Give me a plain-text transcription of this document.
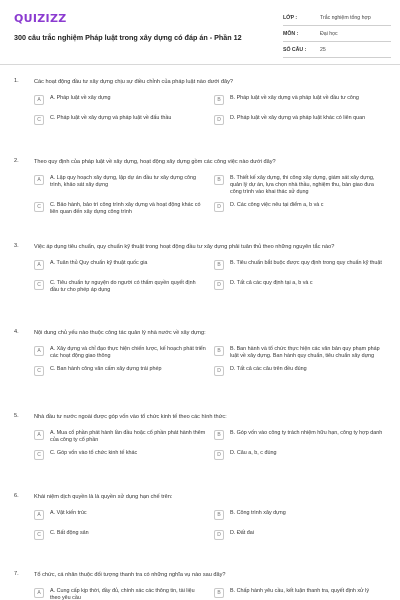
QUIZIZZ
300 câu trắc nghiệm Pháp luật trong xây dựng có đáp án - Phần 12
LỚP :	Trắc nghiệm tổng hợp
MÔN :	Đại học
SỐ CÂU :	25
1.	Các hoạt động đầu tư xây dựng chịu sự điều chỉnh của pháp luật nào dưới đây?
A	A. Pháp luật về xây dựng	B	B. Pháp luật về xây dựng và pháp luật về đầu tư công
C	C. Pháp luật về xây dựng và pháp luật về đấu thầu	D	D. Pháp luật về xây dựng và pháp luật khác có liên quan
2.	Theo quy định của pháp luật về xây dựng, hoạt động xây dựng gồm các công việc nào dưới đây?
A	A. Lập quy hoạch xây dựng, lập dự án đầu tư xây dựng công trình, khảo sát xây dựng
B	B. Thiết kế xây dựng, thi công xây dựng, giám sát xây dựng, quản lý dự án, lựa chọn nhà thầu, nghiệm thu, bàn giao đưa công trình vào khai thác sử dụng
C	C. Bảo hành, bảo trì công trình xây dựng và hoạt động khác có liên quan đến xây dựng công trình
D	D. Các công việc nêu tại điểm a, b và c
3.	Việc áp dụng tiêu chuẩn, quy chuẩn kỹ thuật trong hoạt động đầu tư xây dựng phải tuân thủ theo những nguyên tắc nào?
A	A. Tuân thủ Quy chuẩn kỹ thuật quốc gia	B	B. Tiêu chuẩn bắt buộc được quy định trong quy chuẩn kỹ thuật
C	C. Tiêu chuẩn tự nguyện do người có thẩm quyền quyết định đầu tư cho phép áp dụng
D	D. Tất cả các quy định tại a, b và c
4.	Nội dung chủ yếu nào thuộc công tác quản lý nhà nước về xây dựng:
A	A. Xây dựng và chỉ đạo thực hiện chiến lược, kế hoạch phát triển các hoạt động giao thông
B	B. Ban hành và tổ chức thực hiện các văn bản quy phạm pháp luật về xây dựng. Ban hành quy chuẩn, tiêu chuẩn xây dựng
C	C. Ban hành công văn cấm xây dựng trái phép	D	D. Tất cả các câu trên đều đúng
5.	Nhà đầu tư nước ngoài được góp vốn vào tổ chức kinh tế theo các hình thức:
A	A. Mua cổ phần phát hành lần đầu hoặc cổ phần phát hành thêm của công ty cổ phần
B	B. Góp vốn vào công ty trách nhiệm hữu hạn, công ty hợp danh
C	C. Góp vốn vào tổ chức kinh tế khác	D	D. Câu a, b, c đúng
6.	Khái niệm dịch quyền là là quyền sử dụng hạn chế trên:
A	A. Vật kiến trúc	B	B. Công trình xây dựng
C	C. Bất động sản	D	D. Đất đai
7.	Tổ chức, cá nhân thuộc đối tượng thanh tra có những nghĩa vụ nào sau đây?
A	A. Cung cấp kịp thời, đầy đủ, chính xác các thông tin, tài liệu theo yêu cầu
B	B. Chấp hành yêu cầu, kết luận thanh tra, quyết định xử lý
